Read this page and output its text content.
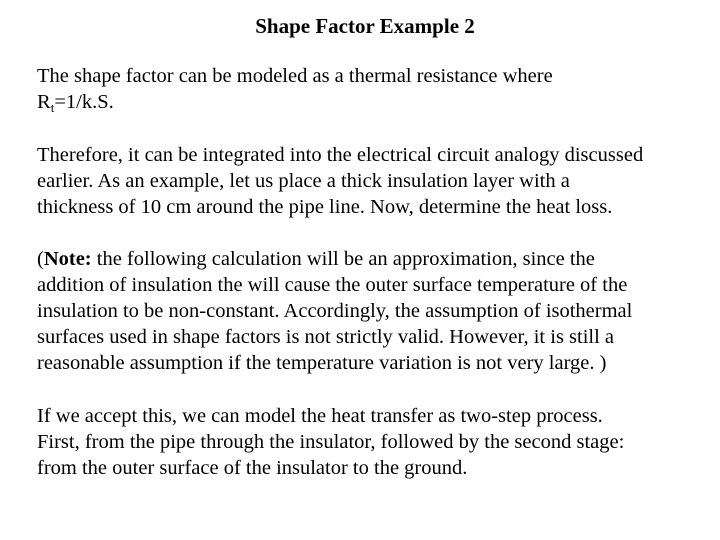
Shape Factor Example 2
The shape factor can be modeled as a thermal resistance where
Rt=1/k.S.
Therefore, it can be integrated into the electrical circuit analogy discussed
earlier. As an example, let us place a thick insulation layer with a
thickness of 10 cm around the pipe line. Now, determine the heat loss.
(Note: the following calculation will be an approximation, since the
addition of insulation the will cause the outer surface temperature of the
insulation to be non-constant. Accordingly, the assumption of isothermal
surfaces used in shape factors is not strictly valid. However, it is still a
reasonable assumption if the temperature variation is not very large. )
If we accept this, we can model the heat transfer as two-step process.
First, from the pipe through the insulator, followed by the second stage:
from the outer surface of the insulator to the ground.
